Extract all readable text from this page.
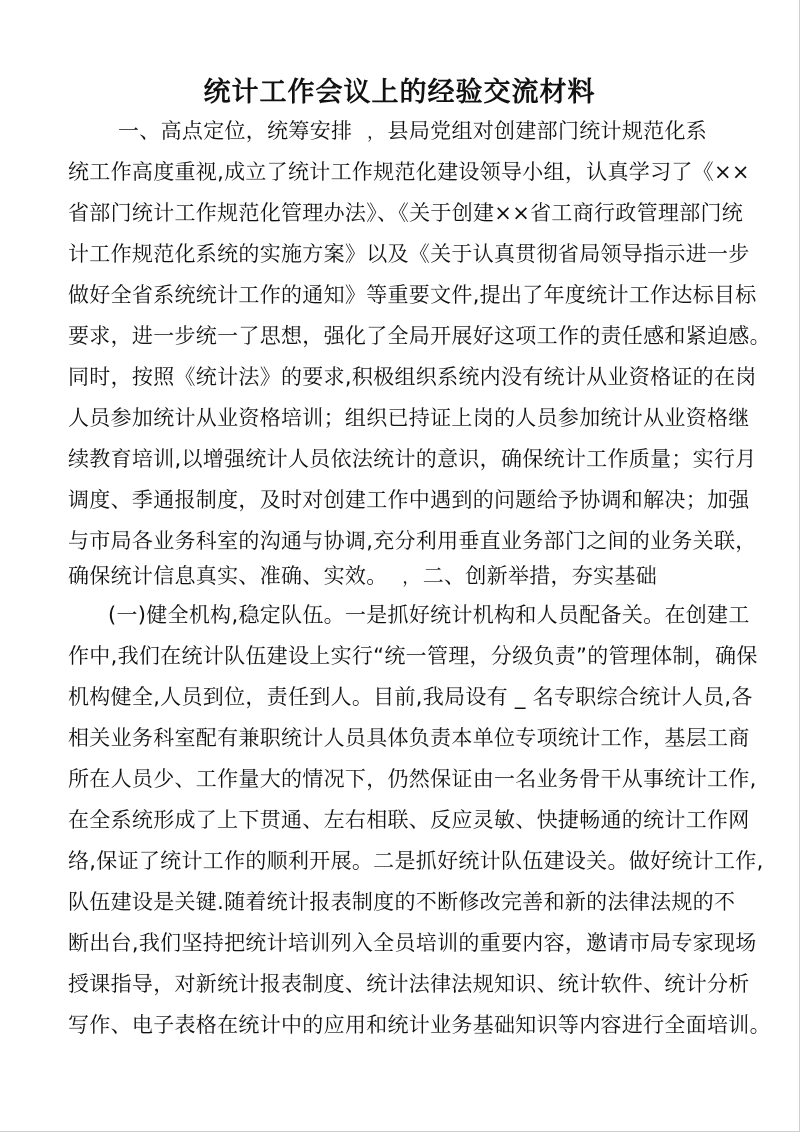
统计工作会议上的经验交流材料
一、高点定位，统筹安排 ﹐ 县局党组对创建部门统计规范化系
统工作高度重视,成立了统计工作规范化建设领导小组，认真学习了《××
省部门统计工作规范化管理办法》、《关于创建××省工商行政管理部门统
计工作规范化系统的实施方案》以及《关于认真贯彻省局领导指示进一步
做好全省系统统计工作的通知》等重要文件,提出了年度统计工作达标目标
要求，进一步统一了思想，强化了全局开展好这项工作的责任感和紧迫感。
同时，按照《统计法》的要求,积极组织系统内没有统计从业资格证的在岗
人员参加统计从业资格培训；组织已持证上岗的人员参加统计从业资格继
续教育培训,以增强统计人员依法统计的意识，确保统计工作质量；实行月
调度、季通报制度，及时对创建工作中遇到的问题给予协调和解决；加强
与市局各业务科室的沟通与协调,充分利用垂直业务部门之间的业务关联，
确保统计信息真实、准确、实效。 ﹐ 二、创新举措，夯实基础
(一)健全机构,稳定队伍。一是抓好统计机构和人员配备关。在创建工
作中,我们在统计队伍建设上实行“统一管理，分级负责”的管理体制，确保
机构健全,人员到位，责任到人。目前,我局设有 _ 名专职综合统计人员,各
相关业务科室配有兼职统计人员具体负责本单位专项统计工作，基层工商
所在人员少、工作量大的情况下，仍然保证由一名业务骨干从事统计工作,
在全系统形成了上下贯通、左右相联、反应灵敏、快捷畅通的统计工作网
络,保证了统计工作的顺利开展。二是抓好统计队伍建设关。做好统计工作,
队伍建设是关键.随着统计报表制度的不断修改完善和新的法律法规的不
断出台,我们坚持把统计培训列入全员培训的重要内容，邀请市局专家现场
授课指导，对新统计报表制度、统计法律法规知识、统计软件、统计分析
写作、电子表格在统计中的应用和统计业务基础知识等内容进行全面培训。
